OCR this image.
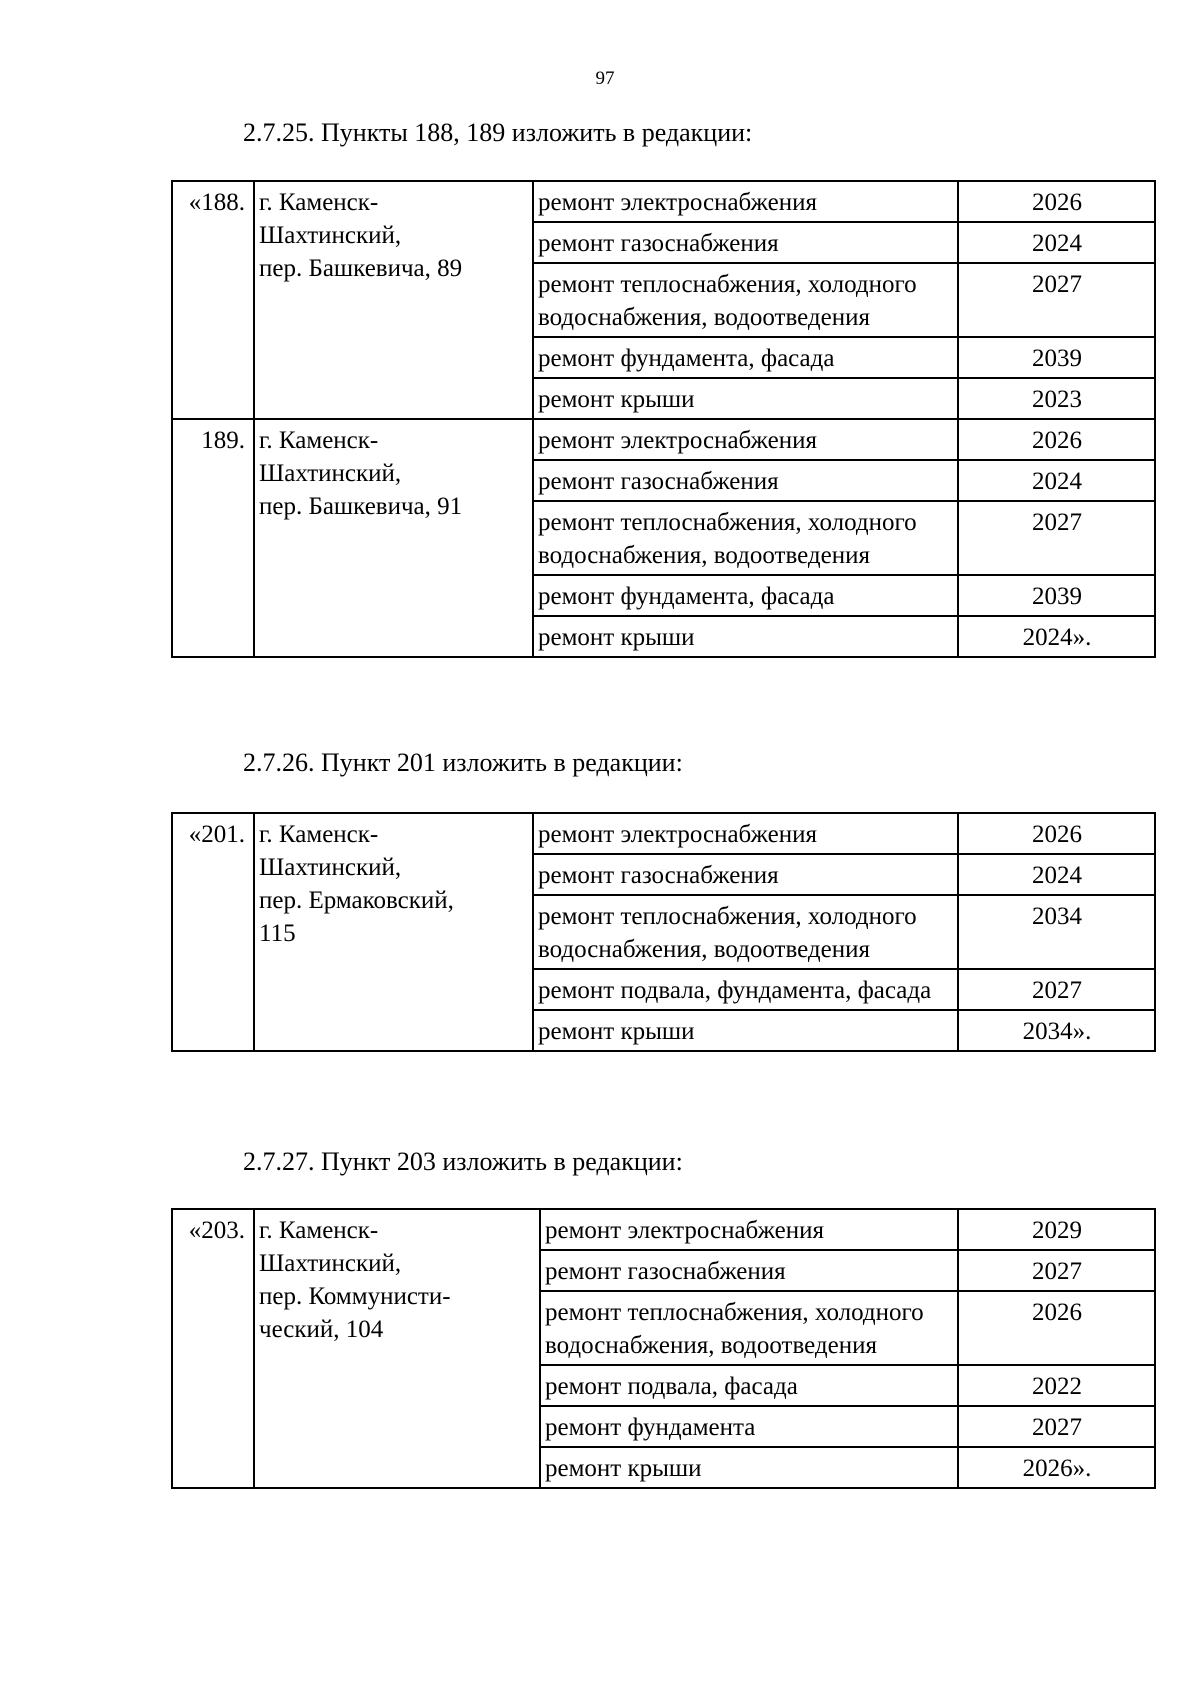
97
2.7.25. Пункты 188, 189 изложить в редакции:
«188.	г. Каменск-
Шахтинский,
пер. Башкевича, 89	ремонт электроснабжения	2026
		ремонт газоснабжения	2024
		ремонт теплоснабжения, холодного водоснабжения, водоотведения	2027
		ремонт фундамента, фасада	2039
		ремонт крыши	2023
189.	г. Каменск-
Шахтинский,
пер. Башкевича, 91	ремонт электроснабжения	2026
		ремонт газоснабжения	2024
		ремонт теплоснабжения, холодного водоснабжения, водоотведения	2027
		ремонт фундамента, фасада	2039
		ремонт крыши	2024».
2.7.26. Пункт 201 изложить в редакции:
«201.	г. Каменск-
Шахтинский,
пер. Ермаковский,
115	ремонт электроснабжения	2026
		ремонт газоснабжения	2024
		ремонт теплоснабжения, холодного водоснабжения, водоотведения	2034
		ремонт подвала, фундамента, фасада	2027
		ремонт крыши	2034».
2.7.27. Пункт 203 изложить в редакции:
«203.	г. Каменск-
Шахтинский,
пер. Коммунисти-
ческий, 104	ремонт электроснабжения	2029
		ремонт газоснабжения	2027
		ремонт теплоснабжения, холодного водоснабжения, водоотведения	2026
		ремонт подвала, фасада	2022
		ремонт фундамента	2027
		ремонт крыши	2026».
